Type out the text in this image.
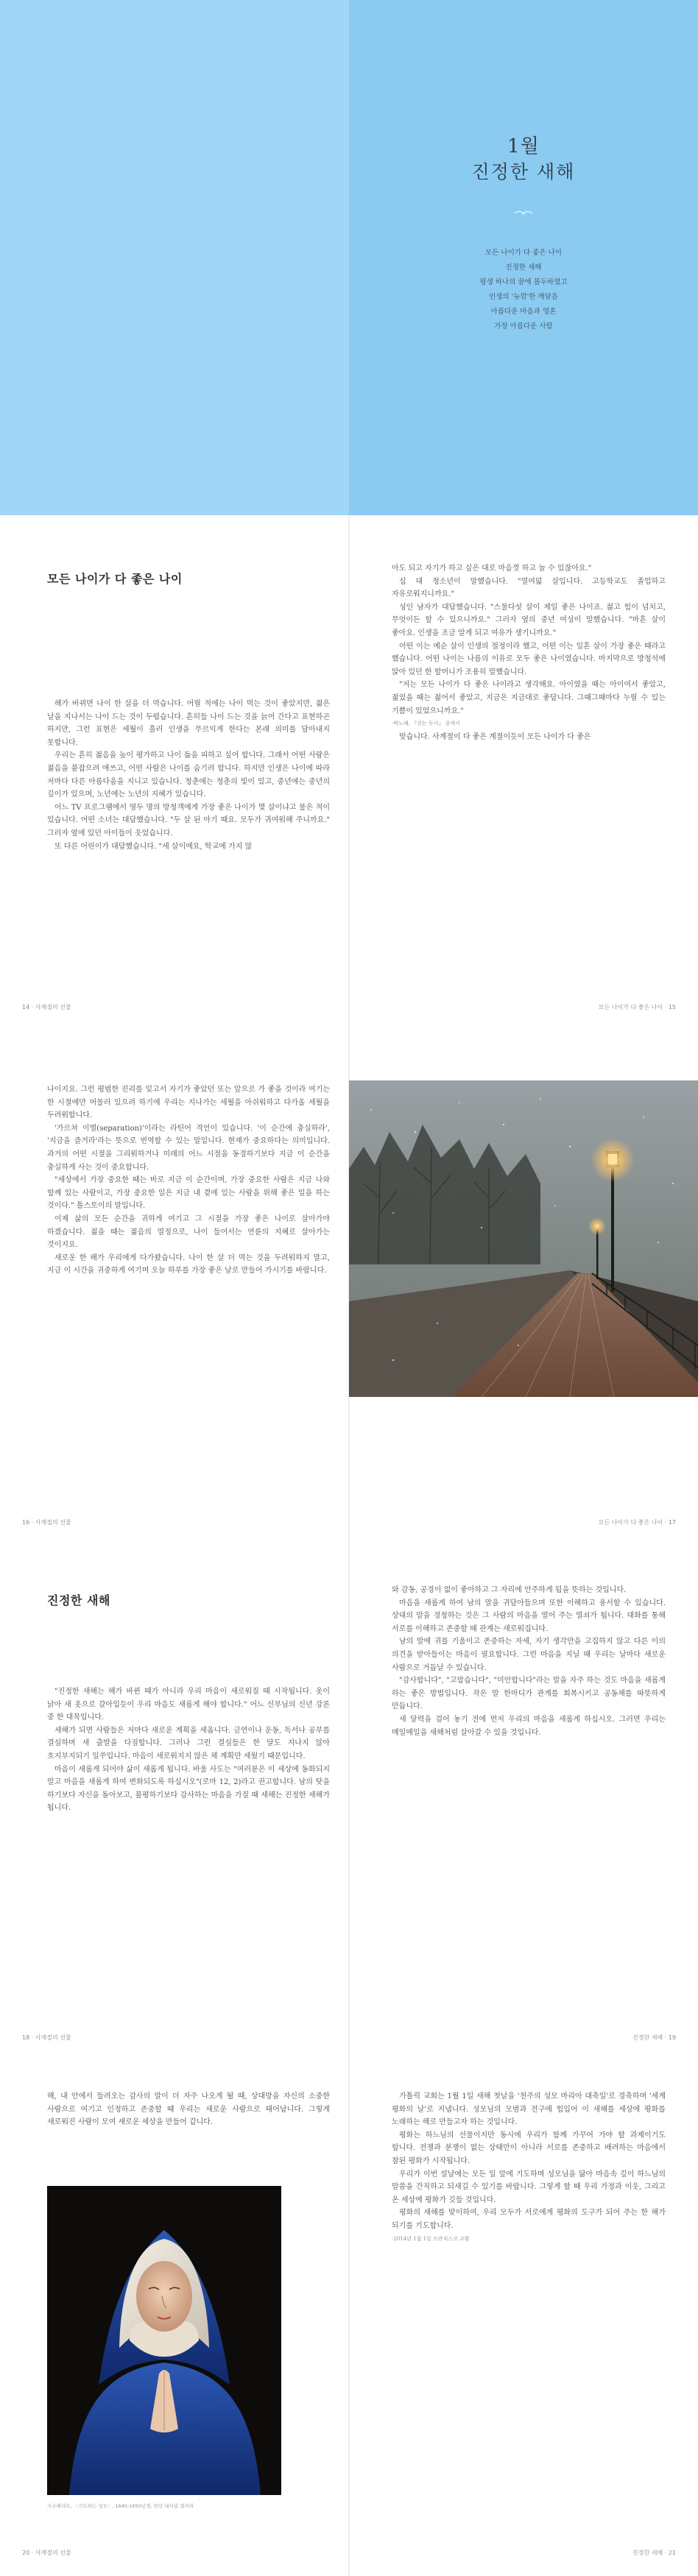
1월
진정한 새해
모든 나이가 다 좋은 나이
진정한 새해
평생 하나의 꿈에 몰두하였고
인생의 '늦깎'한 깨달음
아름다운 마음과 영혼
가장 아름다운 사람
모든 나이가 다 좋은 나이

해가 바뀌면 나이 한 살을 더 먹습니다. 어릴 적에는 나이 먹는 것이 좋았지만, 젊은 날을 지나서는 나이 드는 것이 두렵습니다. 흔히들 나이 드는 것을 늙어 간다고 표현하곤 하지만, 그런 표현은 세월이 흘러 인생을 무르익게 한다는 본래 의미를 담아내지 못합니다.

우리는 흔히 젊음을 높이 평가하고 나이 듦을 피하고 싶어 합니다. 그래서 어떤 사람은 젊음을 붙잡으려 애쓰고, 어떤 사람은 나이를 숨기려 합니다. 하지만 인생은 나이에 따라 저마다 다른 아름다움을 지니고 있습니다. 청춘에는 청춘의 빛이 있고, 중년에는 중년의 깊이가 있으며, 노년에는 노년의 지혜가 있습니다.

어느 TV 프로그램에서 영두 명의 방청객에게 가장 좋은 나이가 몇 살이냐고 물은 적이 있습니다. 어떤 소녀는 대답했습니다. "두 살 된 아기 때요. 모두가 귀여워해 주니까요." 그러자 옆에 있던 아이들이 웃었습니다.

또 다른 어린이가 대답했습니다. "세 살이에요, 학교에 가지 않

14 · 사계절의 선물

아도 되고 자기가 하고 싶은 대로 마음껏 하고 놀 수 있잖아요."

십 대 청소년이 말했습니다. "열여덟 살입니다. 고등학교도 졸업하고 자유로워지니까요."

성인 남자가 대답했습니다. "스물다섯 살이 제일 좋은 나이죠. 젊고 힘이 넘치고, 무엇이든 할 수 있으니까요." 그러자 옆의 중년 여성이 말했습니다. "마흔 살이 좋아요. 인생을 조금 알게 되고 여유가 생기니까요."

어떤 이는 예순 살이 인생의 절정이라 했고, 어떤 이는 일흔 살이 가장 좋은 때라고 했습니다. 어떤 나이는 나름의 이유로 모두 좋은 나이였습니다. 마지막으로 방청석에 앉아 있던 한 할머니가 조용히 말했습니다.

"저는 모든 나이가 다 좋은 나이라고 생각해요. 아이였을 때는 아이여서 좋았고, 젊었을 때는 젊어서 좋았고, 지금은 지금대로 좋답니다. 그때그때마다 누릴 수 있는 기쁨이 있었으니까요."

-박노해, 『걷는 독서』 중에서

맞습니다. 사계절이 다 좋은 계절이듯이 모든 나이가 다 좋은

모든 나이가 다 좋은 나이 · 15

나이지요. 그런 평범한 진리를 잊고서 자기가 좋았던 또는 앞으로 가 좋을 것이라 여기는 한 시절에만 머물러 있으려 하기에 우리는 지나가는 세월을 아쉬워하고 다가올 세월을 두려워합니다.

'가르쳐 이별(separation)'이라는 라틴어 격언이 있습니다. '이 순간에 충실하라', '지금을 즐겨라'라는 뜻으로 번역할 수 있는 말입니다. 현재가 중요하다는 의미입니다. 과거의 어떤 시절을 그리워하거나 미래의 어느 시절을 동경하기보다 지금 이 순간을 충실하게 사는 것이 중요합니다.

"세상에서 가장 중요한 때는 바로 지금 이 순간이며, 가장 중요한 사람은 지금 나와 함께 있는 사람이고, 가장 중요한 일은 지금 내 곁에 있는 사람을 위해 좋은 일을 하는 것이다." 톨스토이의 말입니다.

이제 삶의 모든 순간을 귀하게 여기고 그 시절을 가장 좋은 나이로 살아가야 하겠습니다. 젊을 때는 젊음의 열정으로, 나이 들어서는 연륜의 지혜로 살아가는 것이지요.

새로운 한 해가 우리에게 다가왔습니다. 나이 한 살 더 먹는 것을 두려워하지 말고, 지금 이 시간을 귀중하게 여기며 오늘 하루를 가장 좋은 날로 만들어 가시기를 바랍니다.

16 · 사계절의 선물	모든 나이가 다 좋은 나이 · 17
진정한 새해

"진정한 새해는 해가 바뀐 때가 아니라 우리 마음이 새로워질 때 시작됩니다. 옷이 낡아 새 옷으로 갈아입듯이 우리 마음도 새롭게 해야 합니다." 어느 신부님의 신년 강론 중 한 대목입니다.

새해가 되면 사람들은 저마다 새로운 계획을 세웁니다. 금연이나 운동, 독서나 공부를 결심하며 새 출발을 다짐합니다. 그러나 그런 결심들은 한 달도 지나지 않아 흐지부지되기 일쑤입니다. 마음이 새로워지지 않은 채 계획만 세웠기 때문입니다.

마음이 새롭게 되어야 삶이 새롭게 됩니다. 바울 사도는 "여러분은 이 세상에 동화되지 말고 마음을 새롭게 하여 변화되도록 하십시오"(로마 12, 2)라고 권고합니다. 남의 탓을 하기보다 자신을 돌아보고, 불평하기보다 감사하는 마음을 가질 때 새해는 진정한 새해가 됩니다.

18 · 사계절의 선물

와 감동, 공경이 없이 좋아하고 그 자리에 안주하게 됨을 뜻하는 것입니다.

마음을 새롭게 하여 남의 말을 귀담아들으며 또한 이해하고 용서할 수 있습니다. 상대의 말을 경청하는 것은 그 사람의 마음을 열어 주는 열쇠가 됩니다. 대화를 통해 서로를 이해하고 존중할 때 관계는 새로워집니다.

남의 말에 귀를 기울이고 존중하는 자세, 자기 생각만을 고집하지 않고 다른 이의 의견을 받아들이는 마음이 필요합니다. 그런 마음을 지닐 때 우리는 날마다 새로운 사람으로 거듭날 수 있습니다.

"감사합니다", "고맙습니다", "미안합니다"라는 말을 자주 하는 것도 마음을 새롭게 하는 좋은 방법입니다. 작은 말 한마디가 관계를 회복시키고 공동체를 따뜻하게 만듭니다.

새 달력을 걸어 놓기 전에 먼저 우리의 마음을 새롭게 하십시오. 그러면 우리는 매일매일을 새해처럼 살아갈 수 있을 것입니다.

진정한 새해 · 19

해, 내 안에서 들려오는 감사의 말이 더 자주 나오게 될 때, 상대방을 자신의 소중한 사람으로 여기고 인정하고 존중할 때 우리는 새로운 사람으로 태어납니다. 그렇게 새로워진 사람이 모여 새로운 세상을 만들어 갑니다.

사소페라토, 〈기도하는 성모〉, 1640-1650년경, 런던 내셔널 갤러리
20 · 사계절의 선물

가톨릭 교회는 1월 1일 새해 첫날을 '천주의 성모 마리아 대축일'로 경축하며 '세계 평화의 날'로 지냅니다. 성모님의 모범과 전구에 힘입어 이 새해를 세상에 평화를 노래하는 해로 만들고자 하는 것입니다.

평화는 하느님의 선물이지만 동시에 우리가 함께 가꾸어 가야 할 과제이기도 합니다. 전쟁과 분쟁이 없는 상태만이 아니라 서로를 존중하고 배려하는 마음에서 참된 평화가 시작됩니다.

우리가 이번 설날에는 모든 일 앞에 기도하며 성모님을 닮아 마음속 깊이 하느님의 말씀을 간직하고 되새길 수 있기를 바랍니다. 그렇게 할 때 우리 가정과 이웃, 그리고 온 세상에 평화가 깃들 것입니다.

평화의 새해를 맞이하여, 우리 모두가 서로에게 평화의 도구가 되어 주는 한 해가 되기를 기도합니다.

-2014년 1월 1일 프란치스코 교황

진정한 새해 · 21
